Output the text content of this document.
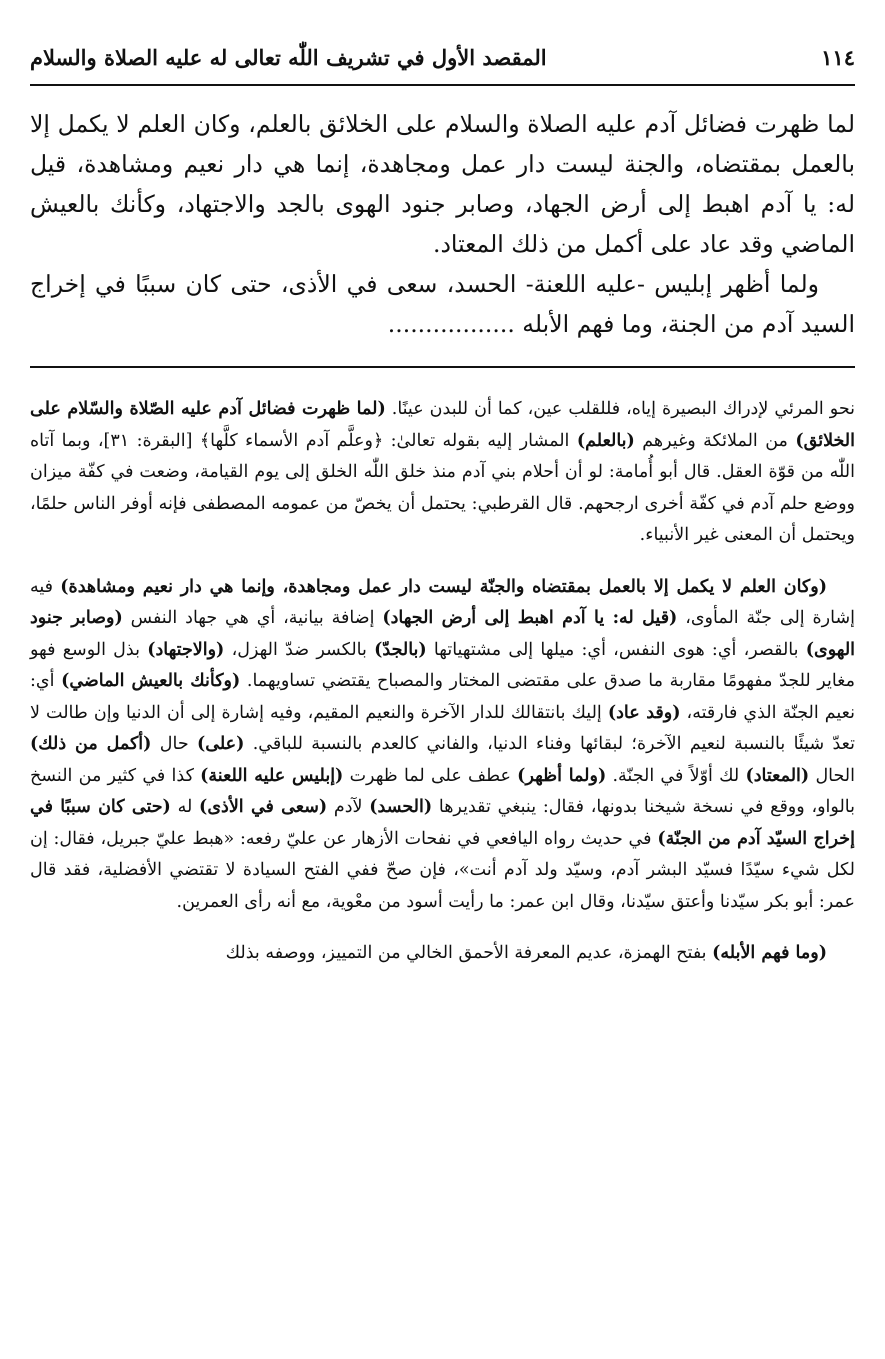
١١٤
المقصد الأول في تشريف اللّٰه تعالى له عليه الصلاة والسلام

لما ظهرت فضائل آدم عليه الصلاة والسلام على الخلائق بالعلم، وكان العلم لا يكمل إلا بالعمل بمقتضاه، والجنة ليست دار عمل ومجاهدة، إنما هي دار نعيم ومشاهدة، قيل له: يا آدم اهبط إلى أرض الجهاد، وصابر جنود الهوى بالجد والاجتهاد، وكأنك بالعيش الماضي وقد عاد على أكمل من ذلك المعتاد.

ولما أظهر إبليس -عليه اللعنة- الحسد، سعى في الأذى، حتى كان سببًا في إخراج السيد آدم من الجنة، وما فهم الأبله .................

نحو المرئي لإدراك البصيرة إياه، فللقلب عين، كما أن للبدن عينًا. (لما ظهرت فضائل آدم عليه الصّلاة والسّلام على الخلائق) من الملائكة وغيرهم (بالعلم) المشار إليه بقوله تعالىٰ: ﴿وعلَّم آدم الأسماء كلَّها﴾ [البقرة: ٣١]، وبما آتاه اللّٰه من قوّة العقل. قال أبو أُمامة: لو أن أحلام بني آدم منذ خلق اللّٰه الخلق إلى يوم القيامة، وضعت في كفّة ميزان ووضع حلم آدم في كفّة أخرى ارجحهم. قال القرطبي: يحتمل أن يخصّ من عمومه المصطفى فإنه أوفر الناس حلمًا، ويحتمل أن المعنى غير الأنبياء.

(وكان العلم لا يكمل إلا بالعمل بمقتضاه والجنّة ليست دار عمل ومجاهدة، وإنما هي دار نعيم ومشاهدة) فيه إشارة إلى جنّة المأوى، (قيل له: يا آدم اهبط إلى أرض الجهاد) إضافة بيانية، أي هي جهاد النفس (وصابر جنود الهوى) بالقصر، أي: هوى النفس، أي: ميلها إلى مشتهياتها (بالجدّ) بالكسر ضدّ الهزل، (والاجتهاد) بذل الوسع فهو مغاير للجدّ مفهومًا مقاربة ما صدق على مقتضى المختار والمصباح يقتضي تساويهما. (وكأنك بالعيش الماضي) أي: نعيم الجنّة الذي فارقته، (وقد عاد) إليك بانتقالك للدار الآخرة والنعيم المقيم، وفيه إشارة إلى أن الدنيا وإن طالت لا تعدّ شيئًا بالنسبة لنعيم الآخرة؛ لبقائها وفناء الدنيا، والفاني كالعدم بالنسبة للباقي. (على) حال (أكمل من ذلك) الحال (المعتاد) لك أوّلاً في الجنّة. (ولما أظهر) عطف على لما ظهرت (إبليس عليه اللعنة) كذا في كثير من النسخ بالواو، ووقع في نسخة شيخنا بدونها، فقال: ينبغي تقديرها (الحسد) لآدم (سعى في الأذى) له (حتى كان سببًا في إخراج السيّد آدم من الجنّة) في حديث رواه اليافعي في نفحات الأزهار عن عليّ رفعه: «هبط عليّ جبريل، فقال: إن لكل شيء سيّدًا فسيّد البشر آدم، وسيّد ولد آدم أنت»، فإن صحّ ففي الفتح السيادة لا تقتضي الأفضلية، فقد قال عمر: أبو بكر سيّدنا وأعتق سيّدنا، وقال ابن عمر: ما رأيت أسود من معْوية، مع أنه رأى العمرين.

(وما فهم الأبله) بفتح الهمزة، عديم المعرفة الأحمق الخالي من التمييز، ووصفه بذلك
